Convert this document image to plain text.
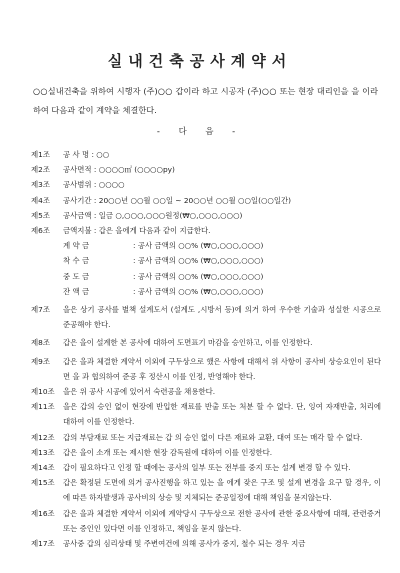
실내건축공사계약서
○○실내건축을 위하여 시행자 (주)○○ 갑이라 하고 시공자 (주)○○ 또는 현장 대리인을 을 이라 하여 다음과 같이 계약을 체결한다.
- 다 음 -
제1조	공 사 명 : ○○
제2조	공사면적 : ○○○○㎡ (○○○○py)
제3조	공사범위 : ○○○○
제4조	공사기간 : 20○○년 ○○월 ○○일 ~ 20○○년 ○○월 ○○일(○○일간)
제5조	공사금액 : 일금 ○,○○○,○○○원정(₩○,○○○,○○○)
제6조	금액지불 : 갑은 을에게 다음과 같이 지급한다.
계 약 금	: 공사 금액의 ○○% (₩○,○○○,○○○)
착 수 금	: 공사 금액의 ○○% (₩○,○○○,○○○)
중 도 금	: 공사 금액의 ○○% (₩○,○○○,○○○)
잔 액 금	: 공사 금액의 ○○% (₩○,○○○,○○○)
제7조	을은 상기 공사를 별책 설계도서 (설계도 ,시방서 등)에 의거 하여 우수한 기술과 성실한 시공으로 준공해야 한다.
제8조	갑은 을이 설계한 본 공사에 대하여 도면표기 마감을 승인하고, 이를 인정한다.
제9조	갑은 을과 체결한 계약서 이외에 구두상으로 했은 사항에 대해서 위 사항이 공사비 상승요인이 된다면 을 과 협의하여 준공 후 정산시 이를 인정, 반영해야 한다.
제10조	을은 위 공사 시공에 있어서 숙련공을 채용한다.
제11조	을은 갑의 승인 없이 현장에 반입한 재료를 반출 또는 처분 할 수 없다. 단, 잉여 자재반출, 처리에 대하여 이를 인정한다.
제12조	갑의 부담재료 또는 지급재료는 갑 의 승인 없이 다른 재료와 교환, 대여 또는 매각 할 수 없다.
제13조	갑은 을이 소개 또는 제시한 현장 감독원에 대하여 이를 인정한다.
제14조	갑이 필요하다고 인정 할 때에는 공사의 일부 또는 전부를 중지 또는 설계 변경 할 수 있다.
제15조	갑은 확정된 도면에 의거 공사진행을 하고 있는 을 에게 잦은 구조 및 설계 변경을 요구 할 경우, 이에 따른 하자발생과 공사비의 상승 및 지체되는 준공일정에 대해 책임을 묻지않는다.
제16조	갑은 을과 체결한 계약서 이외에 계약당시 구두상으로 전한 공사에 관한 중요사항에 대해, 관련증거 또는 증인인 있다면 이를 인정하고, 책임을 묻지 않는다.
제17조	공사중 갑의 심리상태 및 주변여건에 의해 공사가 중지, 철수 되는 경우 지금
